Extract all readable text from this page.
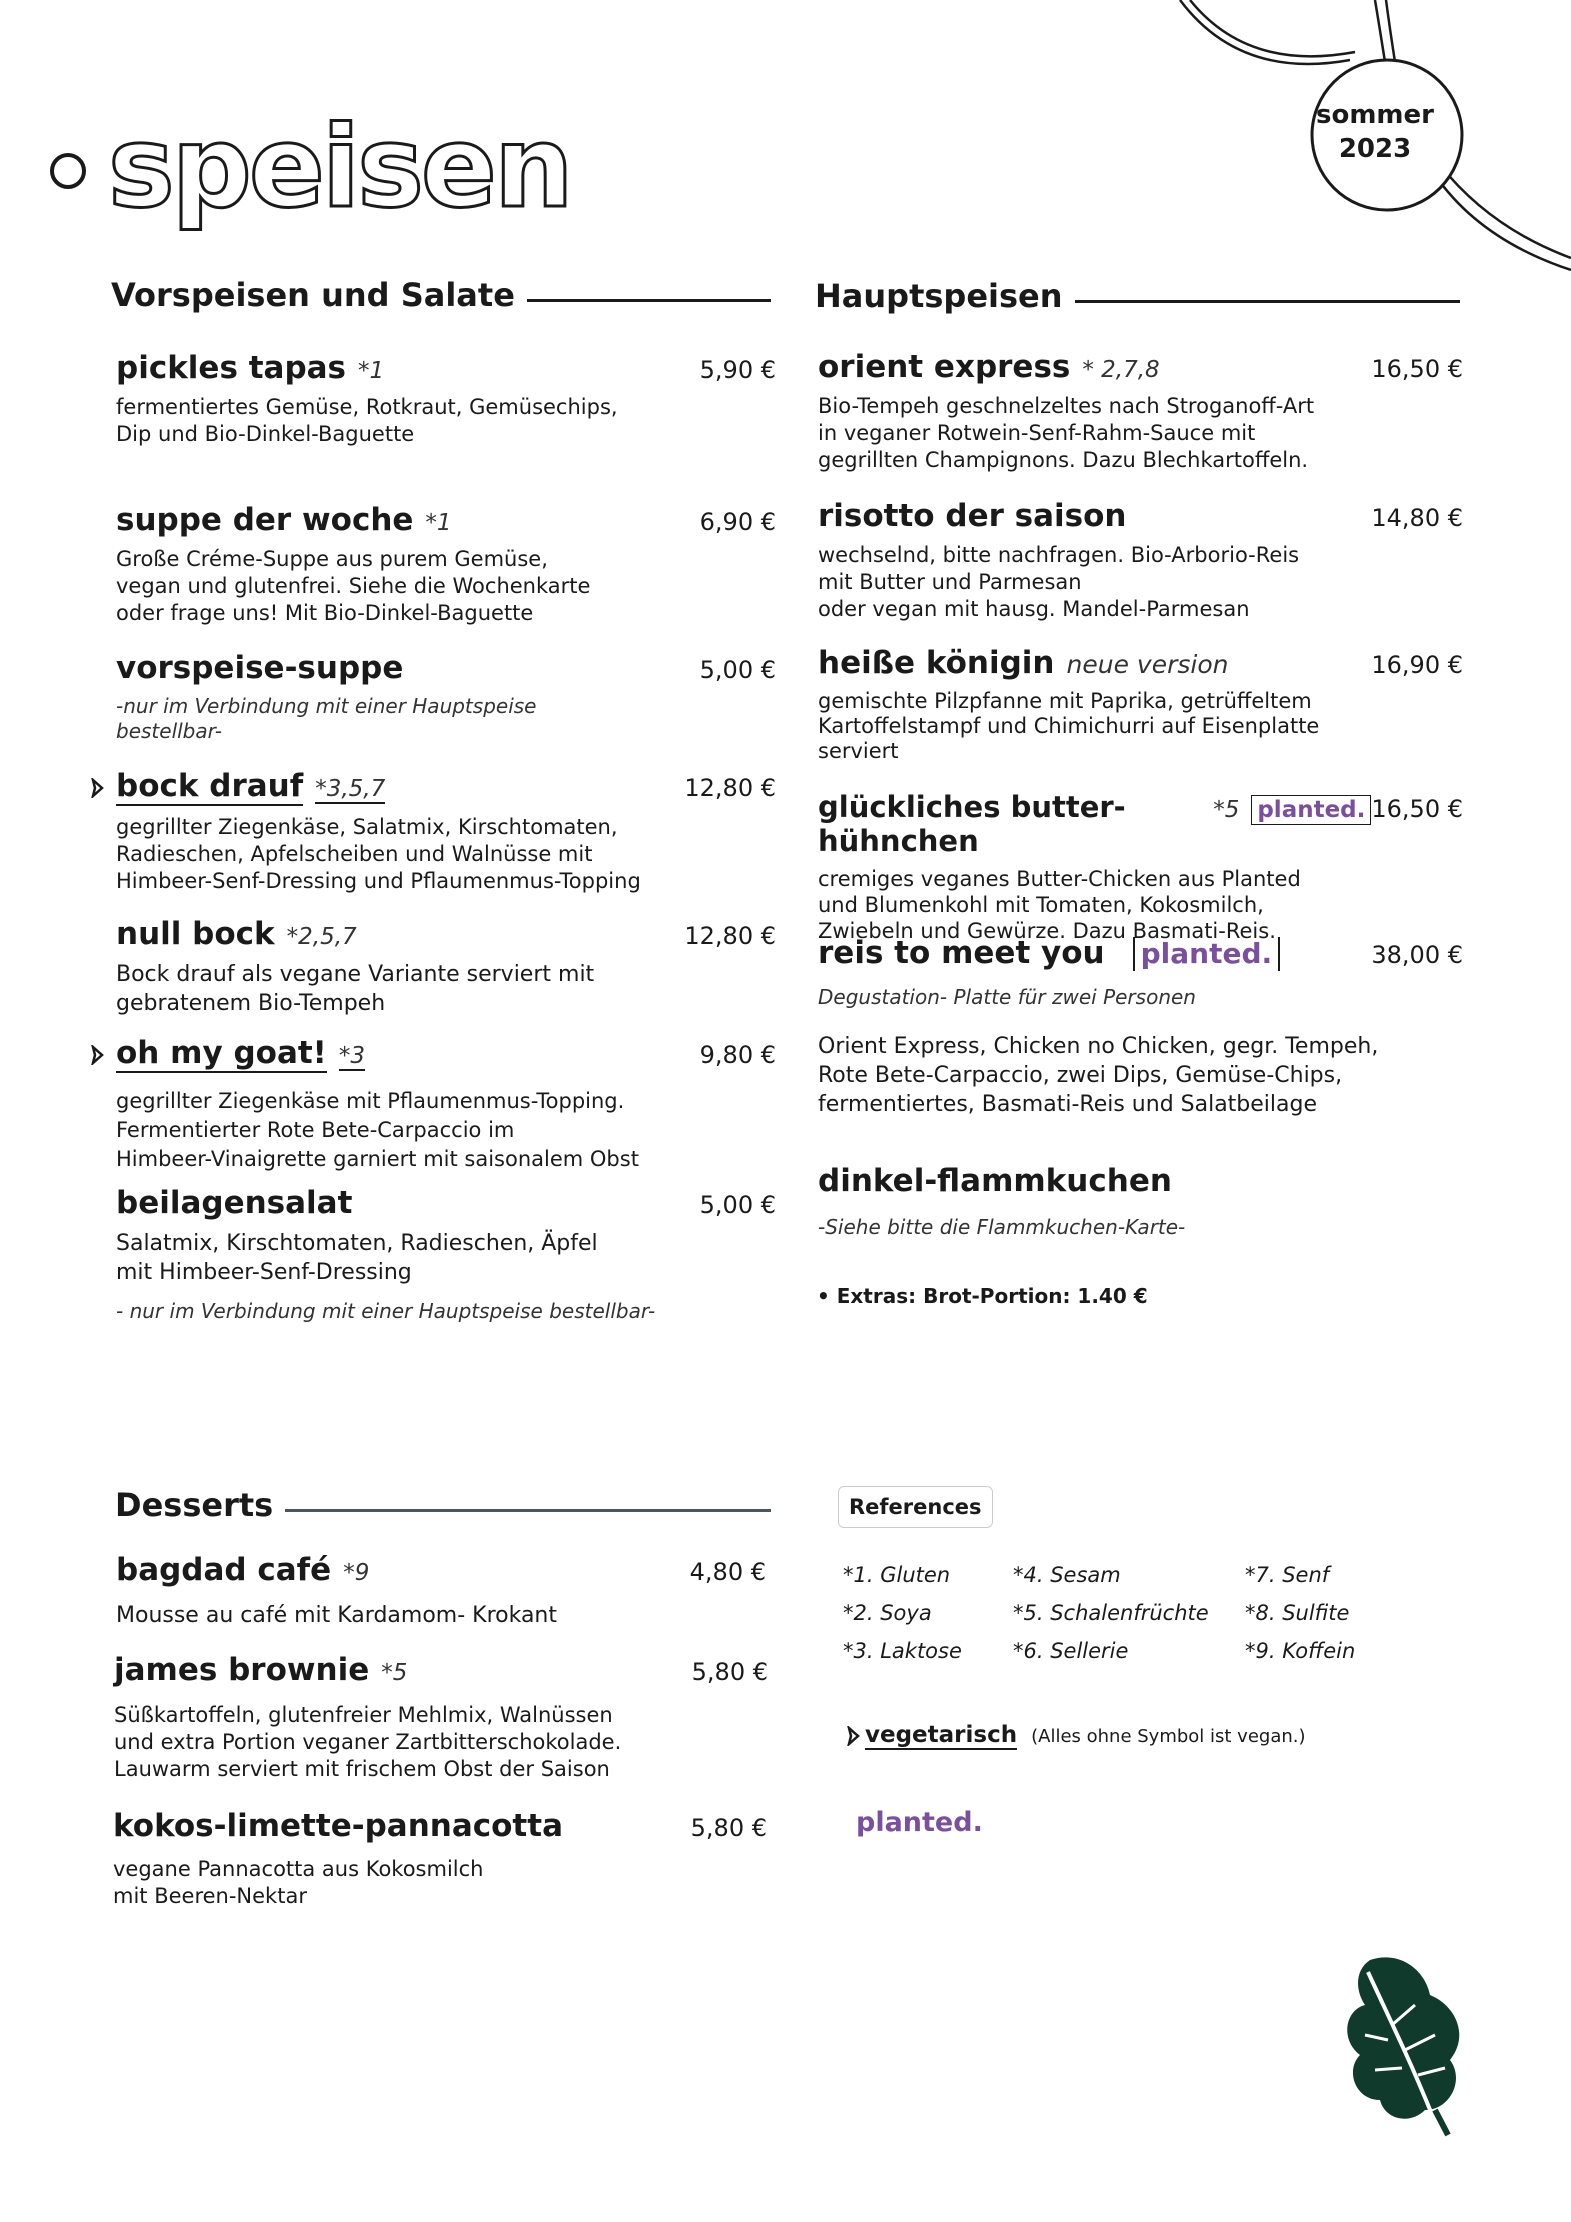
speisen	sommer
2023
Vorspeisen und Salate	Hauptspeisen
Desserts
pickles tapas *1	5,90 €
fermentiertes Gemüse, Rotkraut, Gemüsechips,
Dip und Bio-Dinkel-Baguette
suppe der woche *1	6,90 €
Große Créme-Suppe aus purem Gemüse,
vegan und glutenfrei. Siehe die Wochenkarte
oder frage uns! Mit Bio-Dinkel-Baguette
vorspeise-suppe	5,00 €
-nur im Verbindung mit einer Hauptspeise
bestellbar-
bock drauf *3,5,7	12,80 €
gegrillter Ziegenkäse, Salatmix, Kirschtomaten,
Radieschen, Apfelscheiben und Walnüsse mit
Himbeer-Senf-Dressing und Pflaumenmus-Topping
null bock *2,5,7	12,80 €
Bock drauf als vegane Variante serviert mit
gebratenem Bio-Tempeh
oh my goat! *3	9,80 €
gegrillter Ziegenkäse mit Pflaumenmus-Topping.
Fermentierter Rote Bete-Carpaccio im
Himbeer-Vinaigrette garniert mit saisonalem Obst
beilagensalat	5,00 €
Salatmix, Kirschtomaten, Radieschen, Äpfel
mit Himbeer-Senf-Dressing
- nur im Verbindung mit einer Hauptspeise bestellbar-
orient express * 2,7,8	16,50 €
Bio-Tempeh geschnelzeltes nach Stroganoff-Art
in veganer Rotwein-Senf-Rahm-Sauce mit
gegrillten Champignons. Dazu Blechkartoffeln.
risotto der saison	14,80 €
wechselnd, bitte nachfragen. Bio-Arborio-Reis
mit Butter und Parmesan
oder vegan mit hausg. Mandel-Parmesan
heiße königin neue version	16,90 €
gemischte Pilzpfanne mit Paprika, getrüffeltem
Kartoffelstampf und Chimichurri auf Eisenplatte
serviert
glückliches butter-hühnchen
*5 planted. 16,50 €
cremiges veganes Butter-Chicken aus Planted
und Blumenkohl mit Tomaten, Kokosmilch,
Zwiebeln und Gewürze. Dazu Basmati-Reis.
reis to meet you planted.	38,00 €
Degustation- Platte für zwei Personen
Orient Express, Chicken no Chicken, gegr. Tempeh,
Rote Bete-Carpaccio, zwei Dips, Gemüse-Chips,
fermentiertes, Basmati-Reis und Salatbeilage
dinkel-flammkuchen
-Siehe bitte die Flammkuchen-Karte-
• Extras: Brot-Portion: 1.40 €
bagdad café *9	4,80 €
Mousse au café mit Kardamom- Krokant
james brownie *5	5,80 €
Süßkartoffeln, glutenfreier Mehlmix, Walnüssen
und extra Portion veganer Zartbitterschokolade.
Lauwarm serviert mit frischem Obst der Saison
kokos-limette-pannacotta	5,80 €
vegane Pannacotta aus Kokosmilch
mit Beeren-Nektar
References
*1. Gluten	*4. Sesam	*7. Senf
*2. Soya	*5. Schalenfrüchte	*8. Sulfite
*3. Laktose	*6. Sellerie	*9. Koffein
vegetarisch (Alles ohne Symbol ist vegan.)
planted.
